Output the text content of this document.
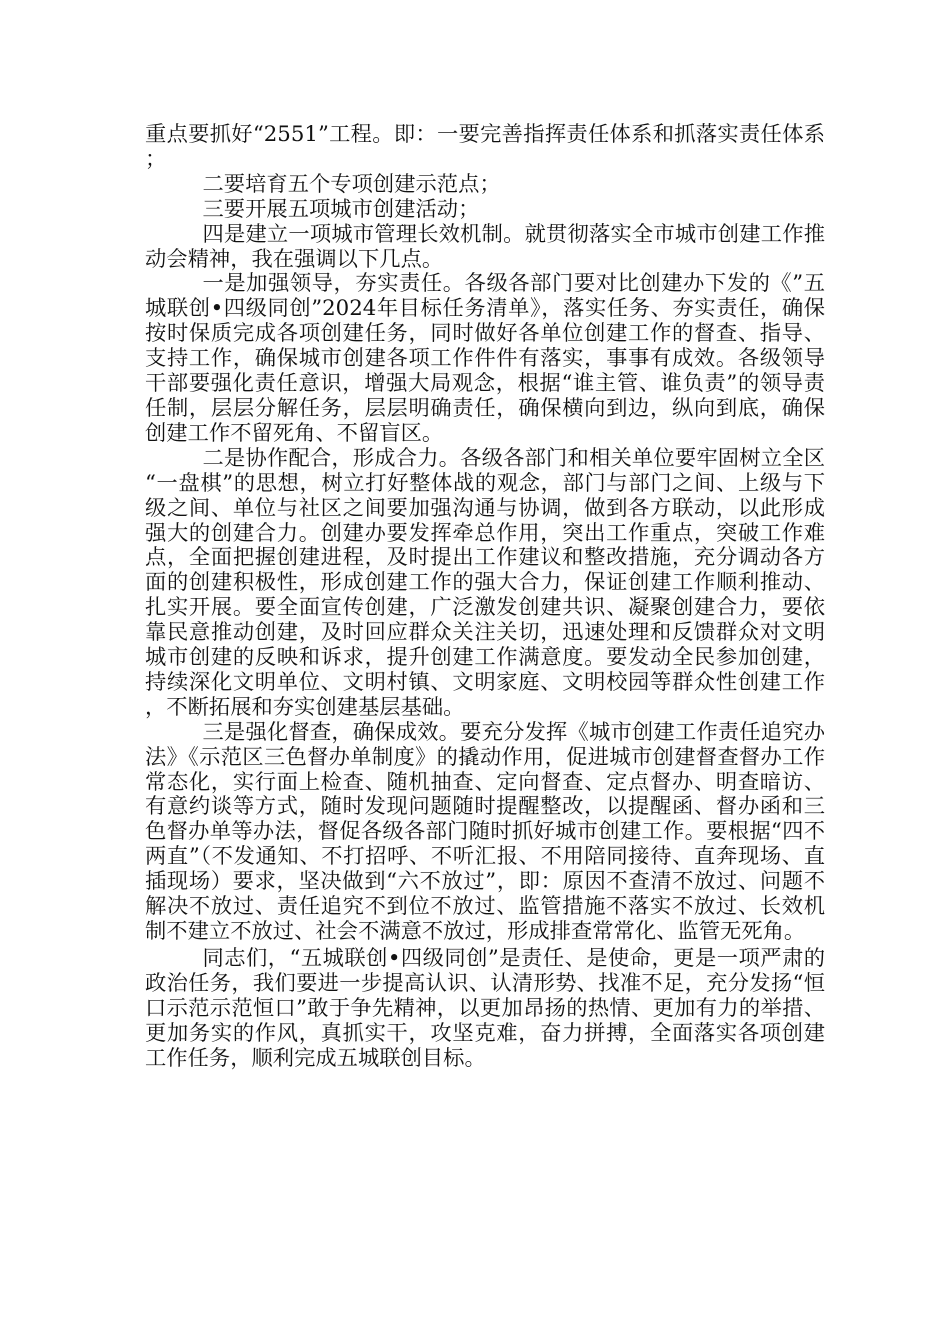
重点要抓好“2551”工程。即：一要完善指挥责任体系和抓落实责任体系；

二要培育五个专项创建示范点；

三要开展五项城市创建活动；

四是建立一项城市管理长效机制。就贯彻落实全市城市创建工作推动会精神，我在强调以下几点。

一是加强领导，夯实责任。各级各部门要对比创建办下发的《”五城联创•四级同创”2024年目标任务清单》，落实任务、夯实责任，确保按时保质完成各项创建任务，同时做好各单位创建工作的督查、指导、支持工作，确保城市创建各项工作件件有落实，事事有成效。各级领导干部要强化责任意识，增强大局观念，根据“谁主管、谁负责”的领导责任制，层层分解任务，层层明确责任，确保横向到边，纵向到底，确保创建工作不留死角、不留盲区。

二是协作配合，形成合力。各级各部门和相关单位要牢固树立全区“一盘棋”的思想，树立打好整体战的观念，部门与部门之间、上级与下级之间、单位与社区之间要加强沟通与协调，做到各方联动，以此形成强大的创建合力。创建办要发挥牵总作用，突出工作重点，突破工作难点，全面把握创建进程，及时提出工作建议和整改措施，充分调动各方面的创建积极性，形成创建工作的强大合力，保证创建工作顺利推动、扎实开展。要全面宣传创建，广泛激发创建共识、凝聚创建合力，要依靠民意推动创建，及时回应群众关注关切，迅速处理和反馈群众对文明城市创建的反映和诉求，提升创建工作满意度。要发动全民参加创建，持续深化文明单位、文明村镇、文明家庭、文明校园等群众性创建工作，不断拓展和夯实创建基层基础。

三是强化督查，确保成效。要充分发挥《城市创建工作责任追究办法》《示范区三色督办单制度》的撬动作用，促进城市创建督查督办工作常态化，实行面上检查、随机抽查、定向督查、定点督办、明查暗访、有意约谈等方式，随时发现问题随时提醒整改，以提醒函、督办函和三色督办单等办法，督促各级各部门随时抓好城市创建工作。要根据“四不两直”（不发通知、不打招呼、不听汇报、不用陪同接待、直奔现场、直插现场）要求，坚决做到“六不放过”，即：原因不查清不放过、问题不解决不放过、责任追究不到位不放过、监管措施不落实不放过、长效机制不建立不放过、社会不满意不放过，形成排查常常化、监管无死角。

同志们，“五城联创•四级同创”是责任、是使命，更是一项严肃的政治任务，我们要进一步提高认识、认清形势、找准不足，充分发扬“恒口示范示范恒口”敢于争先精神，以更加昂扬的热情、更加有力的举措、更加务实的作风，真抓实干，攻坚克难，奋力拼搏，全面落实各项创建工作任务，顺利完成五城联创目标。
